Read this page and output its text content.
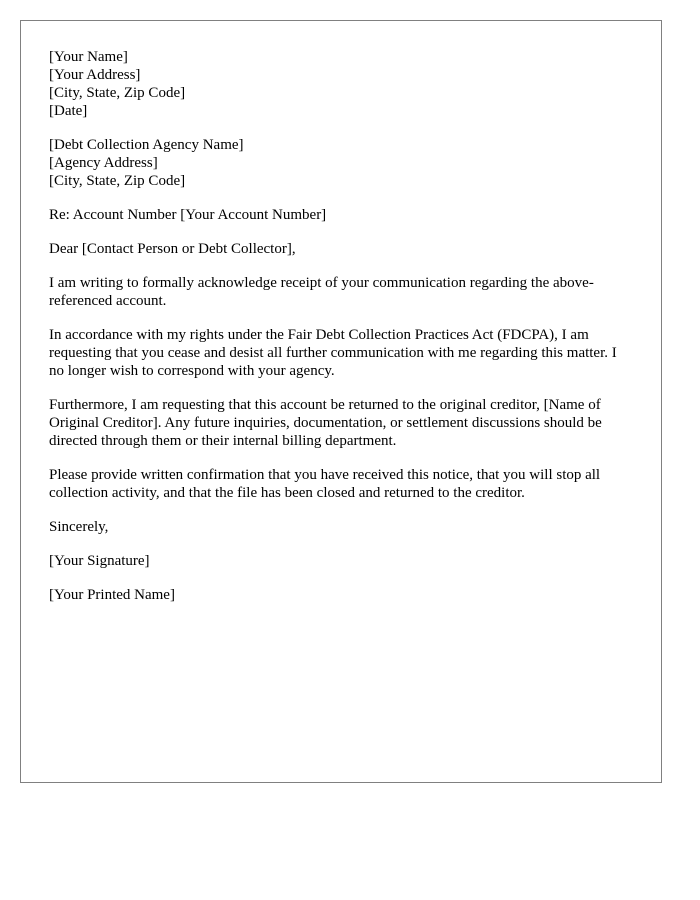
[Your Name]
[Your Address]
[City, State, Zip Code]
[Date]

[Debt Collection Agency Name]
[Agency Address]
[City, State, Zip Code]

Re: Account Number [Your Account Number]

Dear [Contact Person or Debt Collector],

I am writing to formally acknowledge receipt of your communication regarding the above-referenced account.

In accordance with my rights under the Fair Debt Collection Practices Act (FDCPA), I am requesting that you cease and desist all further communication with me regarding this matter. I no longer wish to correspond with your agency.

Furthermore, I am requesting that this account be returned to the original creditor, [Name of Original Creditor]. Any future inquiries, documentation, or settlement discussions should be directed through them or their internal billing department.

Please provide written confirmation that you have received this notice, that you will stop all collection activity, and that the file has been closed and returned to the creditor.

Sincerely,

[Your Signature]

[Your Printed Name]
